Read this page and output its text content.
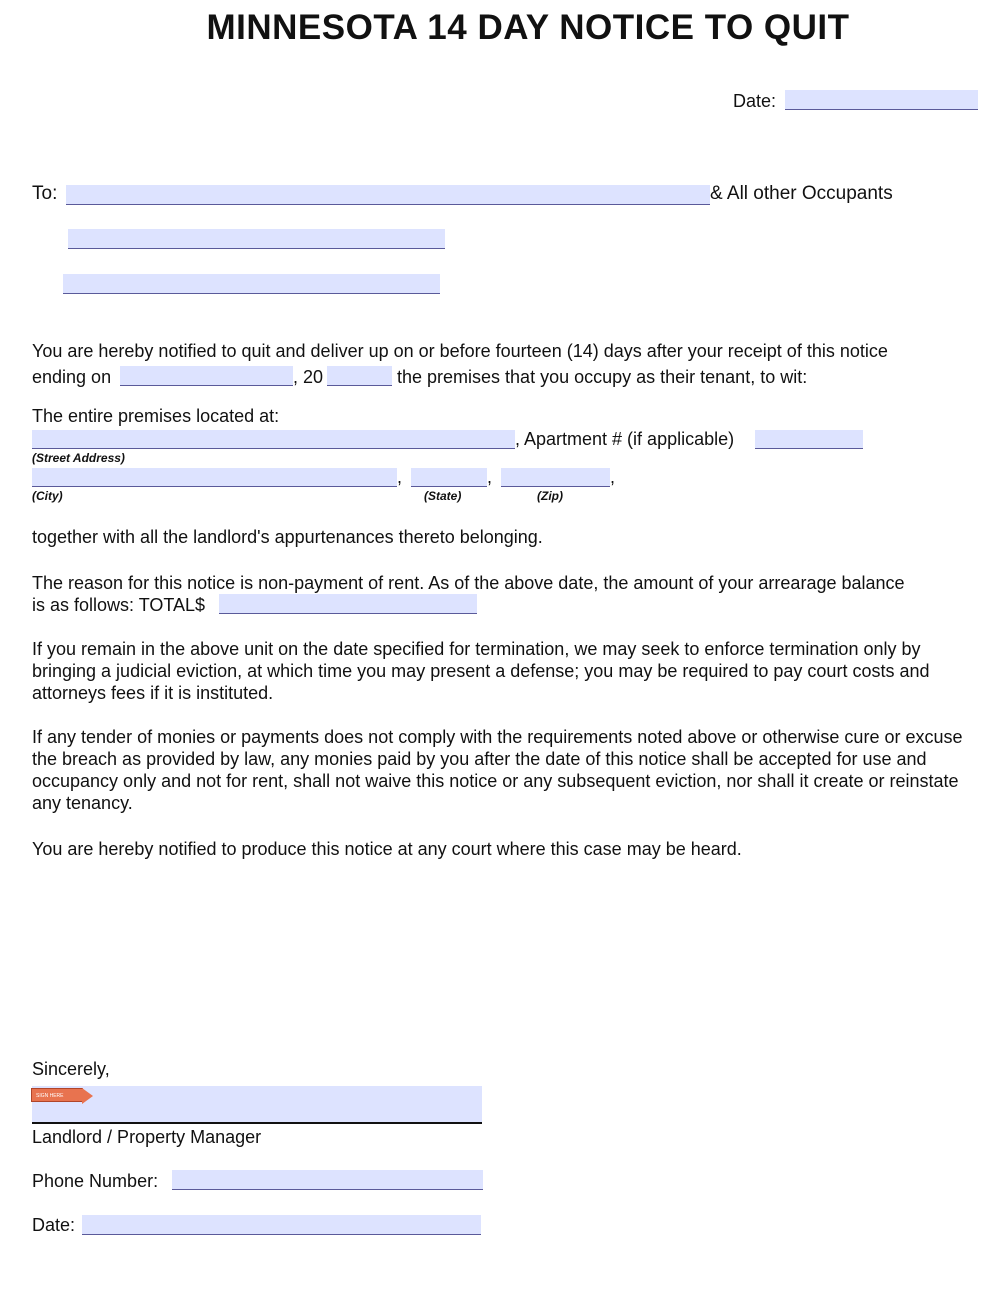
MINNESOTA 14 DAY NOTICE TO QUIT
Date:
To:	& All other Occupants
You are hereby notified to quit and deliver up on or before fourteen (14) days after your receipt of this notice
ending on	, 20	the premises that you occupy as their tenant, to wit:
The entire premises located at:
, Apartment # (if applicable)
(Street Address)
,	,	,
(City)	(State)	(Zip)
together with all the landlord's appurtenances thereto belonging.
The reason for this notice is non-payment of rent. As of the above date, the amount of your arrearage balance
is as follows: TOTAL$
If you remain in the above unit on the date specified for termination, we may seek to enforce termination only by bringing a judicial eviction, at which time you may present a defense; you may be required to pay court costs and attorneys fees if it is instituted.
If any tender of monies or payments does not comply with the requirements noted above or otherwise cure or excuse the breach as provided by law, any monies paid by you after the date of this notice shall be accepted for use and occupancy only and not for rent, shall not waive this notice or any subsequent eviction, nor shall it create or reinstate any tenancy.
You are hereby notified to produce this notice at any court where this case may be heard.
Sincerely,
SIGN HERE
Landlord / Property Manager
Phone Number:
Date:
